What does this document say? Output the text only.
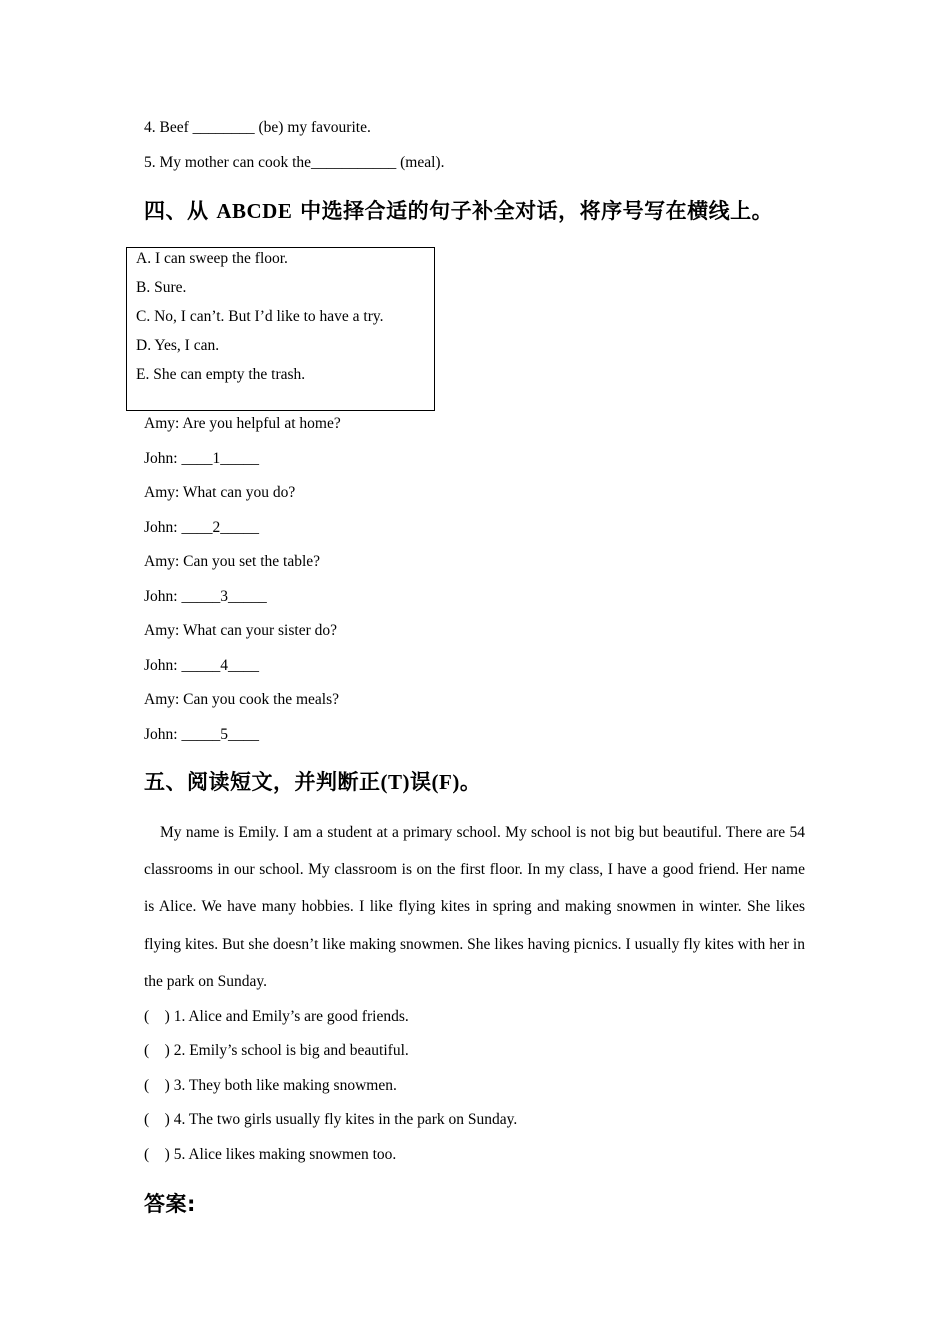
4. Beef ________ (be) my favourite.
5. My mother can cook the___________ (meal).
四、从 ABCDE 中选择合适的句子补全对话，将序号写在横线上。
A. I can sweep the floor.
B. Sure.
C. No, I can’t. But I’d like to have a try.
D. Yes, I can.
E. She can empty the trash.
Amy: Are you helpful at home?
John: ____1_____
Amy: What can you do?
John: ____2_____
Amy: Can you set the table?
John: _____3_____
Amy: What can your sister do?
John: _____4____
Amy: Can you cook the meals?
John: _____5____
五、阅读短文，并判断正(T)误(F)。
My name is Emily. I am a student at a primary school. My school is not big but beautiful. There are 54 classrooms in our school. My classroom is on the first floor. In my class, I have a good friend. Her name is Alice. We have many hobbies. I like flying kites in spring and making snowmen in winter. She likes flying kites. But she doesn’t like making snowmen. She likes having picnics. I usually fly kites with her in the park on Sunday.
(    ) 1. Alice and Emily’s are good friends.
(    ) 2. Emily’s school is big and beautiful.
(    ) 3. They both like making snowmen.
(    ) 4. The two girls usually fly kites in the park on Sunday.
(    ) 5. Alice likes making snowmen too.
答案:
